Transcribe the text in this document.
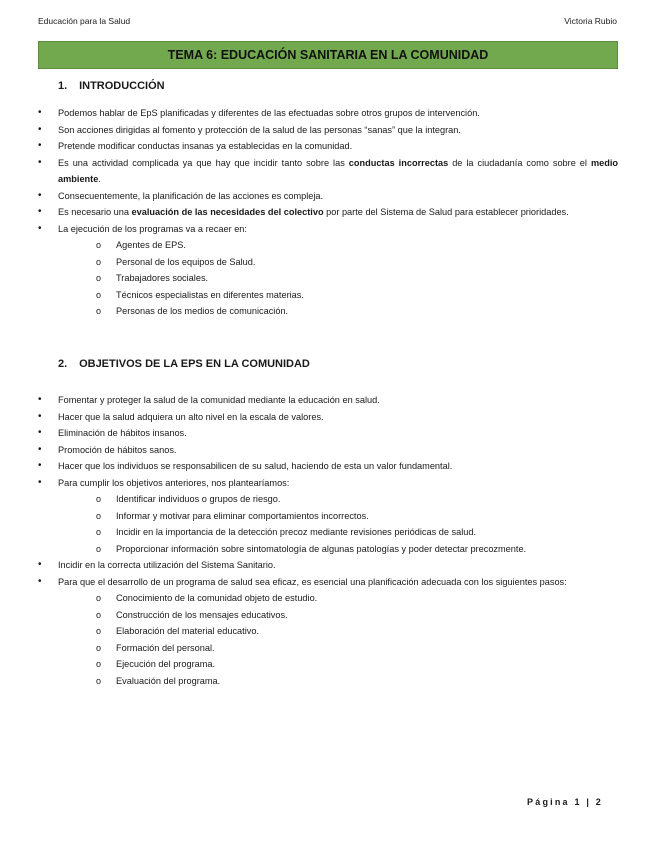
Educación para la Salud	Victoria Rubio
TEMA 6: EDUCACIÓN SANITARIA EN LA COMUNIDAD
1. INTRODUCCIÓN
• Podemos hablar de EpS planificadas y diferentes de las efectuadas sobre otros grupos de intervención.
• Son acciones dirigidas al fomento y protección de la salud de las personas “sanas” que la integran.
• Pretende modificar conductas insanas ya establecidas en la comunidad.
• Es una actividad complicada ya que hay que incidir tanto sobre las conductas incorrectas de la ciudadanía como sobre el medio ambiente.
• Consecuentemente, la planificación de las acciones es compleja.
• Es necesario una evaluación de las necesidades del colectivo por parte del Sistema de Salud para establecer prioridades.
• La ejecución de los programas va a recaer en:
o Agentes de EPS.
o Personal de los equipos de Salud.
o Trabajadores sociales.
o Técnicos especialistas en diferentes materias.
o Personas de los medios de comunicación.
2. OBJETIVOS DE LA EPS EN LA COMUNIDAD
• Fomentar y proteger la salud de la comunidad mediante la educación en salud.
• Hacer que la salud adquiera un alto nivel en la escala de valores.
• Eliminación de hábitos insanos.
• Promoción de hábitos sanos.
• Hacer que los individuos se responsabilicen de su salud, haciendo de esta un valor fundamental.
• Para cumplir los objetivos anteriores, nos plantearíamos:
o Identificar individuos o grupos de riesgo.
o Informar y motivar para eliminar comportamientos incorrectos.
o Incidir en la importancia de la detección precoz mediante revisiones periódicas de salud.
o Proporcionar información sobre sintomatología de algunas patologías y poder detectar precozmente.
• Incidir en la correcta utilización del Sistema Sanitario.
• Para que el desarrollo de un programa de salud sea eficaz, es esencial una planificación adecuada con los siguientes pasos:
o Conocimiento de la comunidad objeto de estudio.
o Construcción de los mensajes educativos.
o Elaboración del material educativo.
o Formación del personal.
o Ejecución del programa.
o Evaluación del programa.
Página 1 | 2
